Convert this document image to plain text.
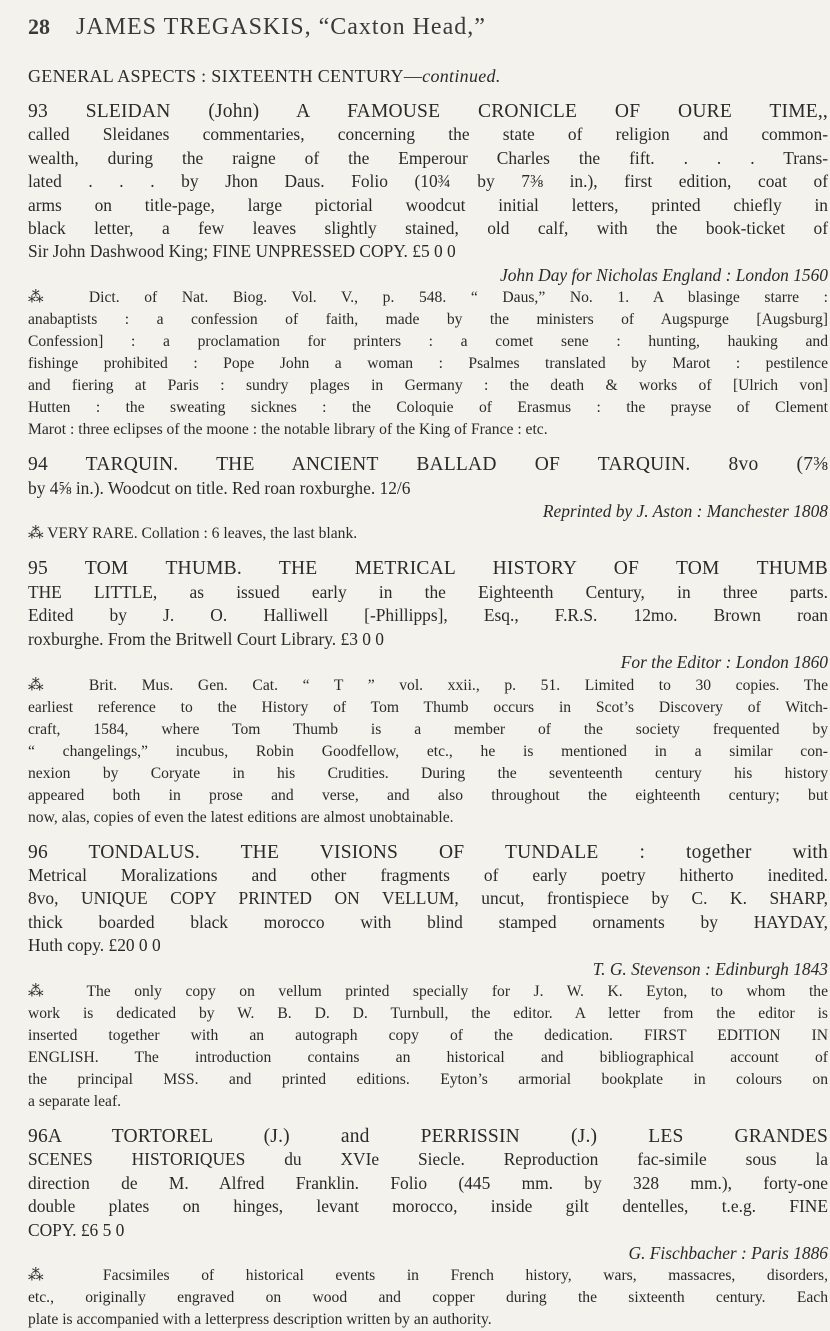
28 JAMES TREGASKIS, “Caxton Head,”
GENERAL ASPECTS : SIXTEENTH CENTURY—continued.
93 SLEIDAN (John) A FAMOUSE CRONICLE OF OURE TIME,,
called Sleidanes commentaries, concerning the state of religion and common-
wealth, during the raigne of the Emperour Charles the fift. . . . Trans-
lated . . . by Jhon Daus. Folio (10¾ by 7⅜ in.), first edition, coat of
arms on title-page, large pictorial woodcut initial letters, printed chiefly in
black letter, a few leaves slightly stained, old calf, with the book-ticket of
Sir John Dashwood King; FINE UNPRESSED COPY. £5 0 0
John Day for Nicholas England : London 1560
⁂ Dict. of Nat. Biog. Vol. V., p. 548. “ Daus,” No. 1. A blasinge starre :
anabaptists : a confession of faith, made by the ministers of Augspurge [Augsburg]
Confession] : a proclamation for printers : a comet sene : hunting, hauking and
fishinge prohibited : Pope John a woman : Psalmes translated by Marot : pestilence
and fiering at Paris : sundry plages in Germany : the death & works of [Ulrich von]
Hutten : the sweating sicknes : the Coloquie of Erasmus : the prayse of Clement
Marot : three eclipses of the moone : the notable library of the King of France : etc.
94 TARQUIN. THE ANCIENT BALLAD OF TARQUIN. 8vo (7⅜
by 4⅝ in.). Woodcut on title. Red roan roxburghe. 12/6
Reprinted by J. Aston : Manchester 1808
⁂ VERY RARE. Collation : 6 leaves, the last blank.
95 TOM THUMB. THE METRICAL HISTORY OF TOM THUMB
THE LITTLE, as issued early in the Eighteenth Century, in three parts.
Edited by J. O. Halliwell [-Phillipps], Esq., F.R.S. 12mo. Brown roan
roxburghe. From the Britwell Court Library. £3 0 0
For the Editor : London 1860
⁂ Brit. Mus. Gen. Cat. “ T ” vol. xxii., p. 51. Limited to 30 copies. The
earliest reference to the History of Tom Thumb occurs in Scot’s Discovery of Witch-
craft, 1584, where Tom Thumb is a member of the society frequented by
“ changelings,” incubus, Robin Goodfellow, etc., he is mentioned in a similar con-
nexion by Coryate in his Crudities. During the seventeenth century his history
appeared both in prose and verse, and also throughout the eighteenth century; but
now, alas, copies of even the latest editions are almost unobtainable.
96 TONDALUS. THE VISIONS OF TUNDALE : together with
Metrical Moralizations and other fragments of early poetry hitherto inedited.
8vo, UNIQUE COPY PRINTED ON VELLUM, uncut, frontispiece by C. K. SHARP,
thick boarded black morocco with blind stamped ornaments by HAYDAY,
Huth copy. £20 0 0
T. G. Stevenson : Edinburgh 1843
⁂ The only copy on vellum printed specially for J. W. K. Eyton, to whom the
work is dedicated by W. B. D. D. Turnbull, the editor. A letter from the editor is
inserted together with an autograph copy of the dedication. FIRST EDITION IN
ENGLISH. The introduction contains an historical and bibliographical account of
the principal MSS. and printed editions. Eyton’s armorial bookplate in colours on
a separate leaf.
96A TORTOREL (J.) and PERRISSIN (J.) LES GRANDES
SCENES HISTORIQUES du XVIe Siecle. Reproduction fac-simile sous la
direction de M. Alfred Franklin. Folio (445 mm. by 328 mm.), forty-one
double plates on hinges, levant morocco, inside gilt dentelles, t.e.g. FINE
COPY. £6 5 0
G. Fischbacher : Paris 1886
⁂ Facsimiles of historical events in French history, wars, massacres, disorders,
etc., originally engraved on wood and copper during the sixteenth century. Each
plate is accompanied with a letterpress description written by an authority.
